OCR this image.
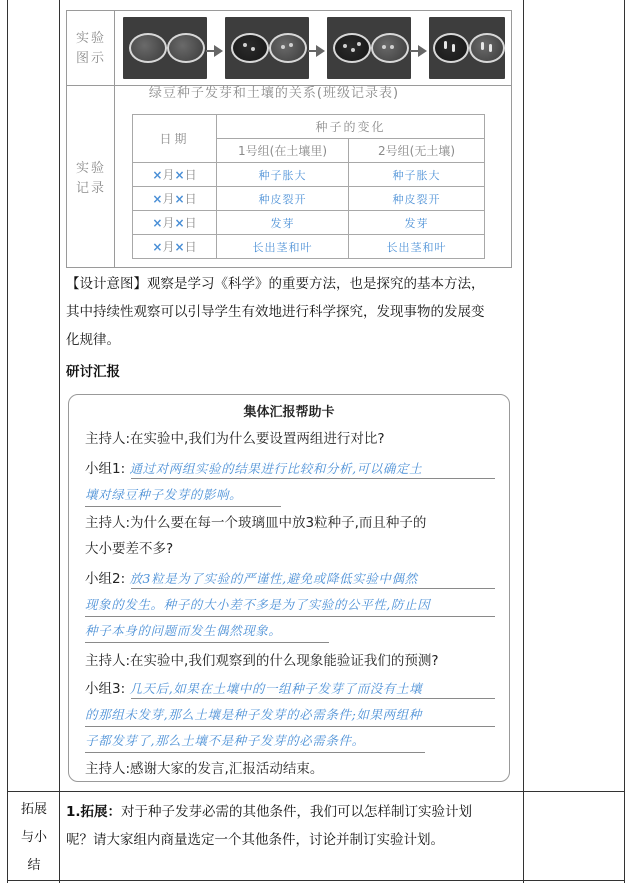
实验图示
实验记录
绿豆种子发芽和土壤的关系(班级记录表)
日期	种子的变化	
	1号组(在土壤里)	2号组(无土壤)
×月×日	种子胀大	种子胀大
×月×日	种皮裂开	种皮裂开
×月×日	发芽	发芽
×月×日	长出茎和叶	长出茎和叶
【设计意图】观察是学习《科学》的重要方法，也是探究的基本方法，
其中持续性观察可以引导学生有效地进行科学探究，发现事物的发展变
化规律。
研讨汇报
集体汇报帮助卡
主持人:在实验中,我们为什么要设置两组进行对比?
小组1: 通过对两组实验的结果进行比较和分析,可以确定土
壤对绿豆种子发芽的影响。
主持人:为什么要在每一个玻璃皿中放3粒种子,而且种子的
大小要差不多?
小组2: 放3粒是为了实验的严谨性,避免或降低实验中偶然
现象的发生。种子的大小差不多是为了实验的公平性,防止因
种子本身的问题而发生偶然现象。
主持人:在实验中,我们观察到的什么现象能验证我们的预测?
小组3: 几天后,如果在土壤中的一组种子发芽了而没有土壤
的那组未发芽,那么土壤是种子发芽的必需条件;如果两组种
子都发芽了,那么土壤不是种子发芽的必需条件。
主持人:感谢大家的发言,汇报活动结束。
拓展
与小
结
1.拓展：对于种子发芽必需的其他条件，我们可以怎样制订实验计划
呢？请大家组内商量选定一个其他条件，讨论并制订实验计划。
